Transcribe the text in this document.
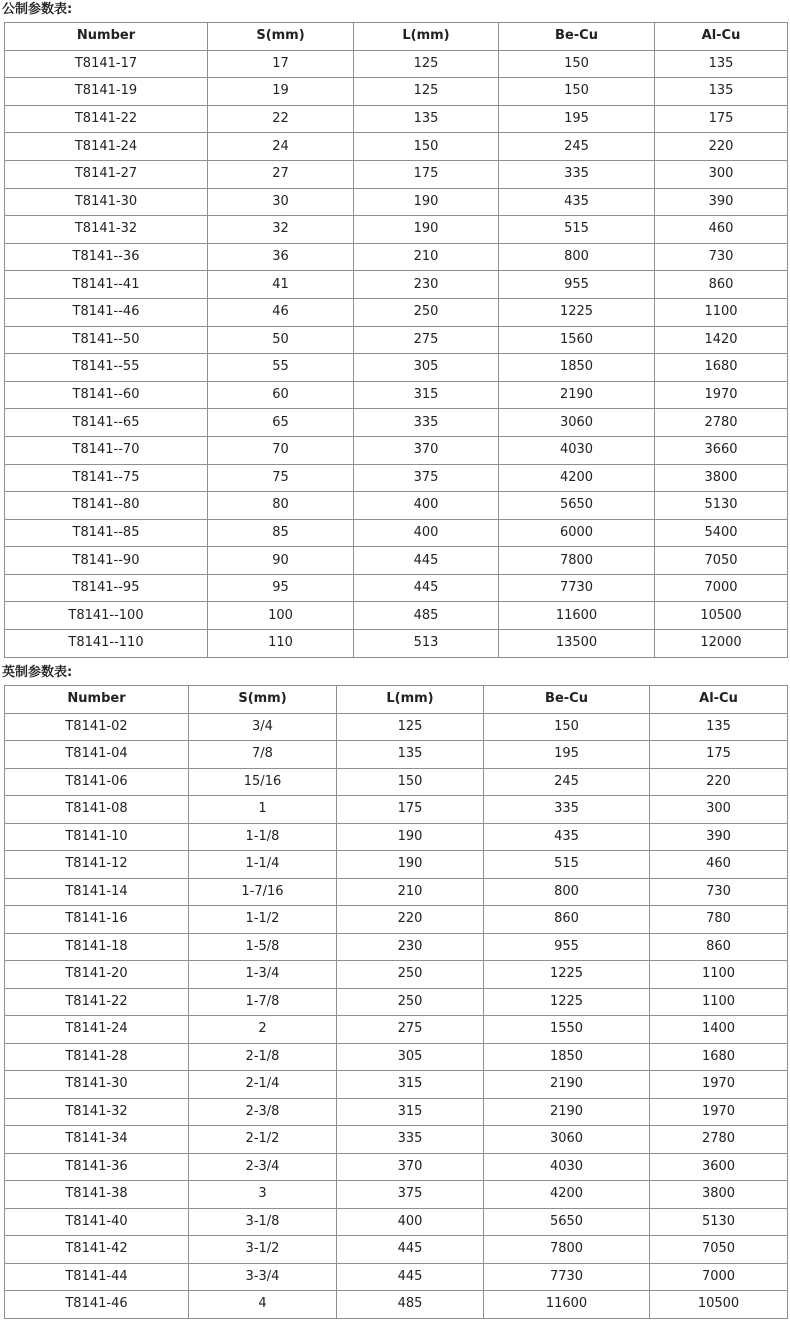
公制参数表:
Number	S(mm)	L(mm)	Be-Cu	Al-Cu
T8141-17	17	125	150	135
T8141-19	19	125	150	135
T8141-22	22	135	195	175
T8141-24	24	150	245	220
T8141-27	27	175	335	300
T8141-30	30	190	435	390
T8141-32	32	190	515	460
T8141--36	36	210	800	730
T8141--41	41	230	955	860
T8141--46	46	250	1225	1100
T8141--50	50	275	1560	1420
T8141--55	55	305	1850	1680
T8141--60	60	315	2190	1970
T8141--65	65	335	3060	2780
T8141--70	70	370	4030	3660
T8141--75	75	375	4200	3800
T8141--80	80	400	5650	5130
T8141--85	85	400	6000	5400
T8141--90	90	445	7800	7050
T8141--95	95	445	7730	7000
T8141--100	100	485	11600	10500
T8141--110	110	513	13500	12000
英制参数表:
Number	S(mm)	L(mm)	Be-Cu	Al-Cu
T8141-02	3/4	125	150	135
T8141-04	7/8	135	195	175
T8141-06	15/16	150	245	220
T8141-08	1	175	335	300
T8141-10	1-1/8	190	435	390
T8141-12	1-1/4	190	515	460
T8141-14	1-7/16	210	800	730
T8141-16	1-1/2	220	860	780
T8141-18	1-5/8	230	955	860
T8141-20	1-3/4	250	1225	1100
T8141-22	1-7/8	250	1225	1100
T8141-24	2	275	1550	1400
T8141-28	2-1/8	305	1850	1680
T8141-30	2-1/4	315	2190	1970
T8141-32	2-3/8	315	2190	1970
T8141-34	2-1/2	335	3060	2780
T8141-36	2-3/4	370	4030	3600
T8141-38	3	375	4200	3800
T8141-40	3-1/8	400	5650	5130
T8141-42	3-1/2	445	7800	7050
T8141-44	3-3/4	445	7730	7000
T8141-46	4	485	11600	10500
